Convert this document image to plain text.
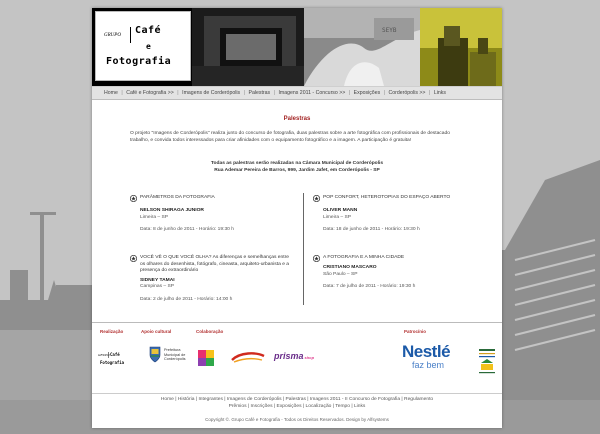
GRUPO Café
e
Fotografia
SEYB
Home | Café e Fotografia >> | Imagens de Corderópolis | Palestras | Imagens 2011 - Concurso >> | Exposições | Corderópolis >> | Links
Palestras

O projeto "Imagens de Corderópolis" realiza junto do concurso de fotografia, duas palestras sobre a arte fotográfica com profissionais de destacado trabalho, e convida todos interessados para criar afinidades com o equipamento fotográfico e a imagem. A participação é gratuita!

Todas as palestras serão realizadas na Câmara Municipal de Corderópolis
Rua Ademar Pereira de Barros, 999, Jardim Jafet, em Corderópolis - SP
PARÂMETROS DA FOTOGRAFIA
NELSON SHIRAGA JUNIOR
Limeira – SP
Data: 8 de junho de 2011 - Horário: 19:30 h
POP CONFORT, HETEROTOPIAS DO ESPAÇO ABERTO
OLIVER MANN
Limeira – SP
Data: 18 de junho de 2011 - Horário: 19:30 h
VOCÊ VÊ O QUE VOCÊ OLHA? As diferenças e semelhanças entre os olhares do desenhista, fotógrafo, cineasta, arquiteto-urbanista e a presença do extraordinário
SIDNEY TAMAI
Campinas – SP
Data: 2 de julho de 2011 - Horário: 14:00 h
A FOTOGRAFIA E A MINHA CIDADE
CRISTIANO MASCARO
São Paulo – SP
Data: 7 de julho de 2011 - Horário: 19:30 h
Realização	Apoio cultural	Colaboração	Patrocínio
GRUPO Café
Fotografia
Prefeitura
Municipal de
Corderópolis	prismashop	Nestlé
faz bem
Home | História | Integrantes | Imagens de Corderópolis | Palestras | Imagens 2011 - II Concurso de Fotografia | Regulamento
Prêmios | Inscrições | Exposições | Localização | Tempo | Links
Copyright ©. Grupo Café e Fotografia - Todos os Direitos Reservados. Design by Alfsystems
